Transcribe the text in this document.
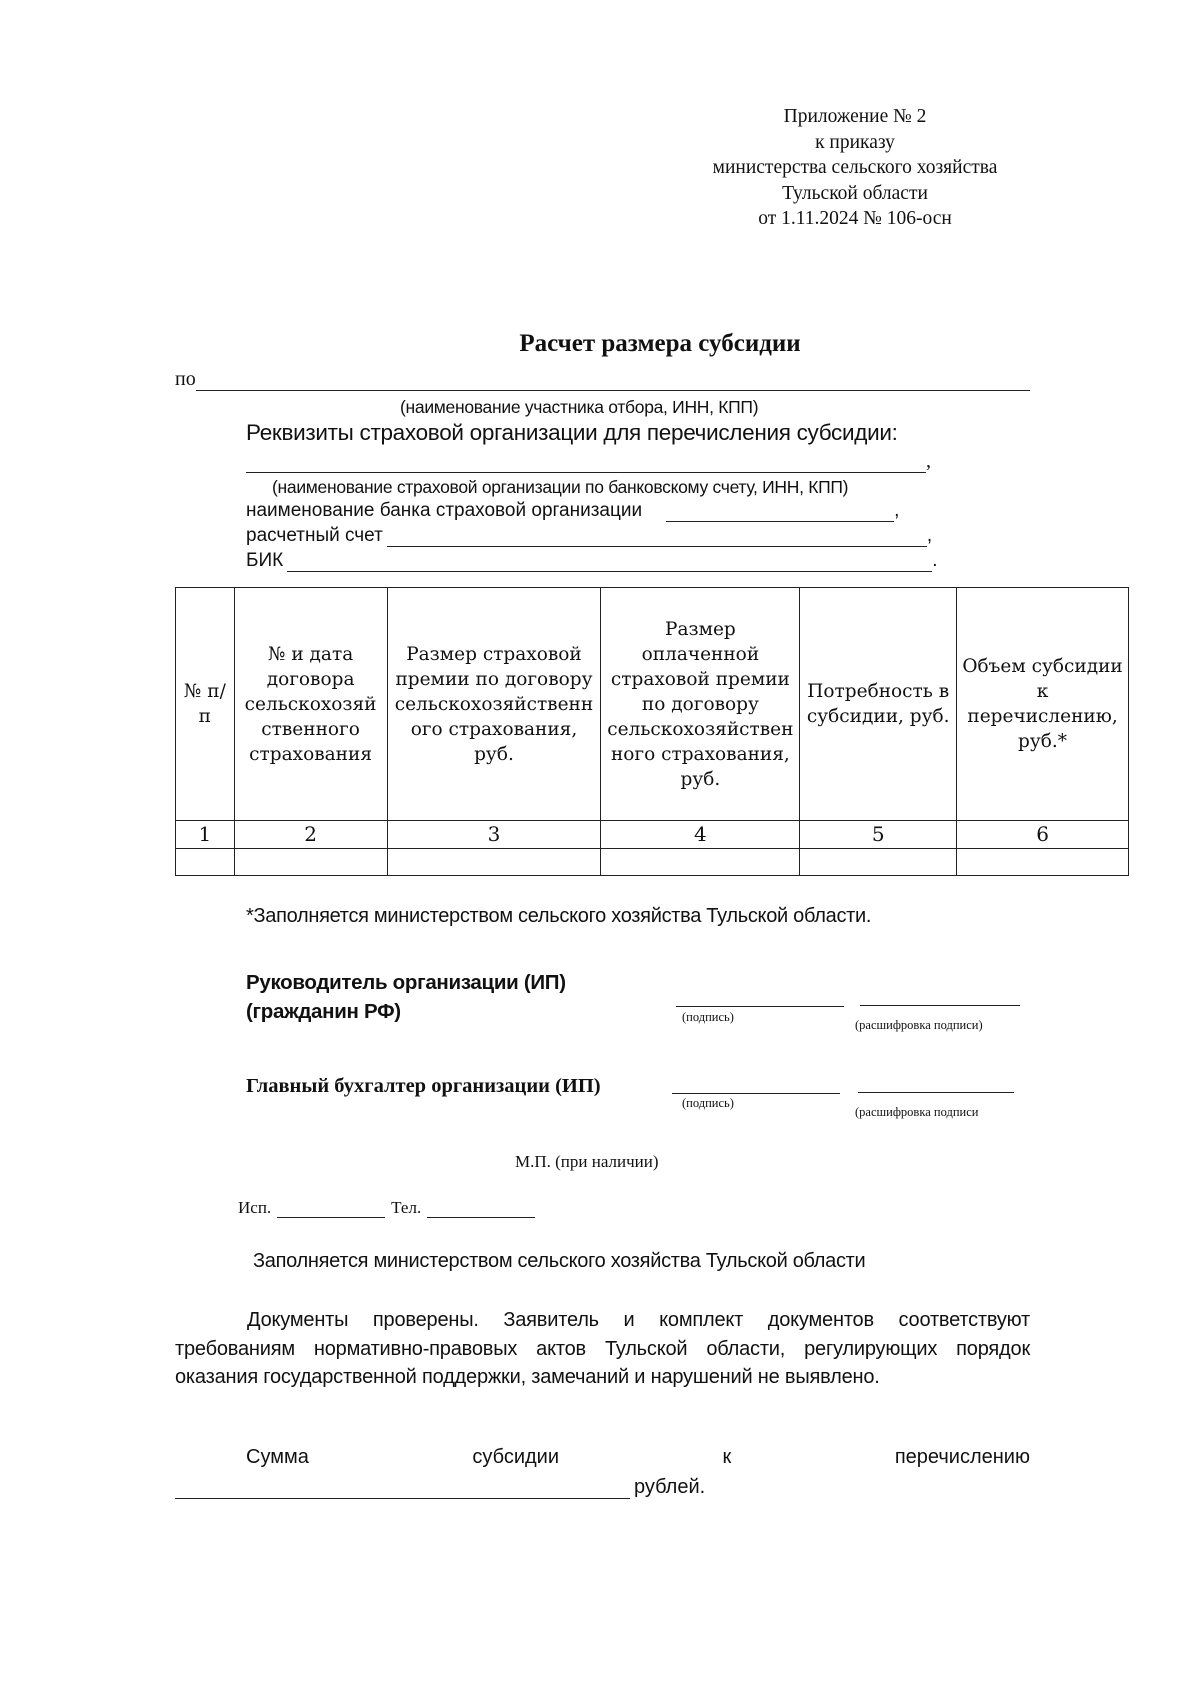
Приложение № 2
к приказу
министерства сельского хозяйства
Тульской области
от 1.11.2024 № 106-осн
Расчет размера субсидии
по
(наименование участника отбора, ИНН, КПП)
Реквизиты страховой организации для перечисления субсидии:
,
(наименование страховой организации по банковскому счету, ИНН, КПП)
наименование банка страховой организации	,
расчетный счет	,
БИК	.
№ п/п	№ и дата договора сельскохозяй ственного страхования	Размер страховой премии по договору сельскохозяйственн ого страхования, руб.	Размер оплаченной страховой премии по договору сельскохозяйствен ного страхования, руб.	Потребность в субсидии, руб.	Объем субсидии к перечислению, руб.*
1	2	3	4	5	6

*Заполняется министерством сельского хозяйства Тульской области.
Руководитель организации (ИП)
(гражданин РФ)	(подпись)
(расшифровка подписи)
Главный бухгалтер организации (ИП)
(подпись)
(расшифровка подписи
М.П. (при наличии)
Исп.	Тел.
Заполняется министерством сельского хозяйства Тульской области
Документы проверены. Заявитель и комплект документов соответствуют требованиям нормативно-правовых актов Тульской области, регулирующих порядок оказания государственной поддержки, замечаний и нарушений не выявлено.
Сумма	субсидии	к	перечислению
рублей.
